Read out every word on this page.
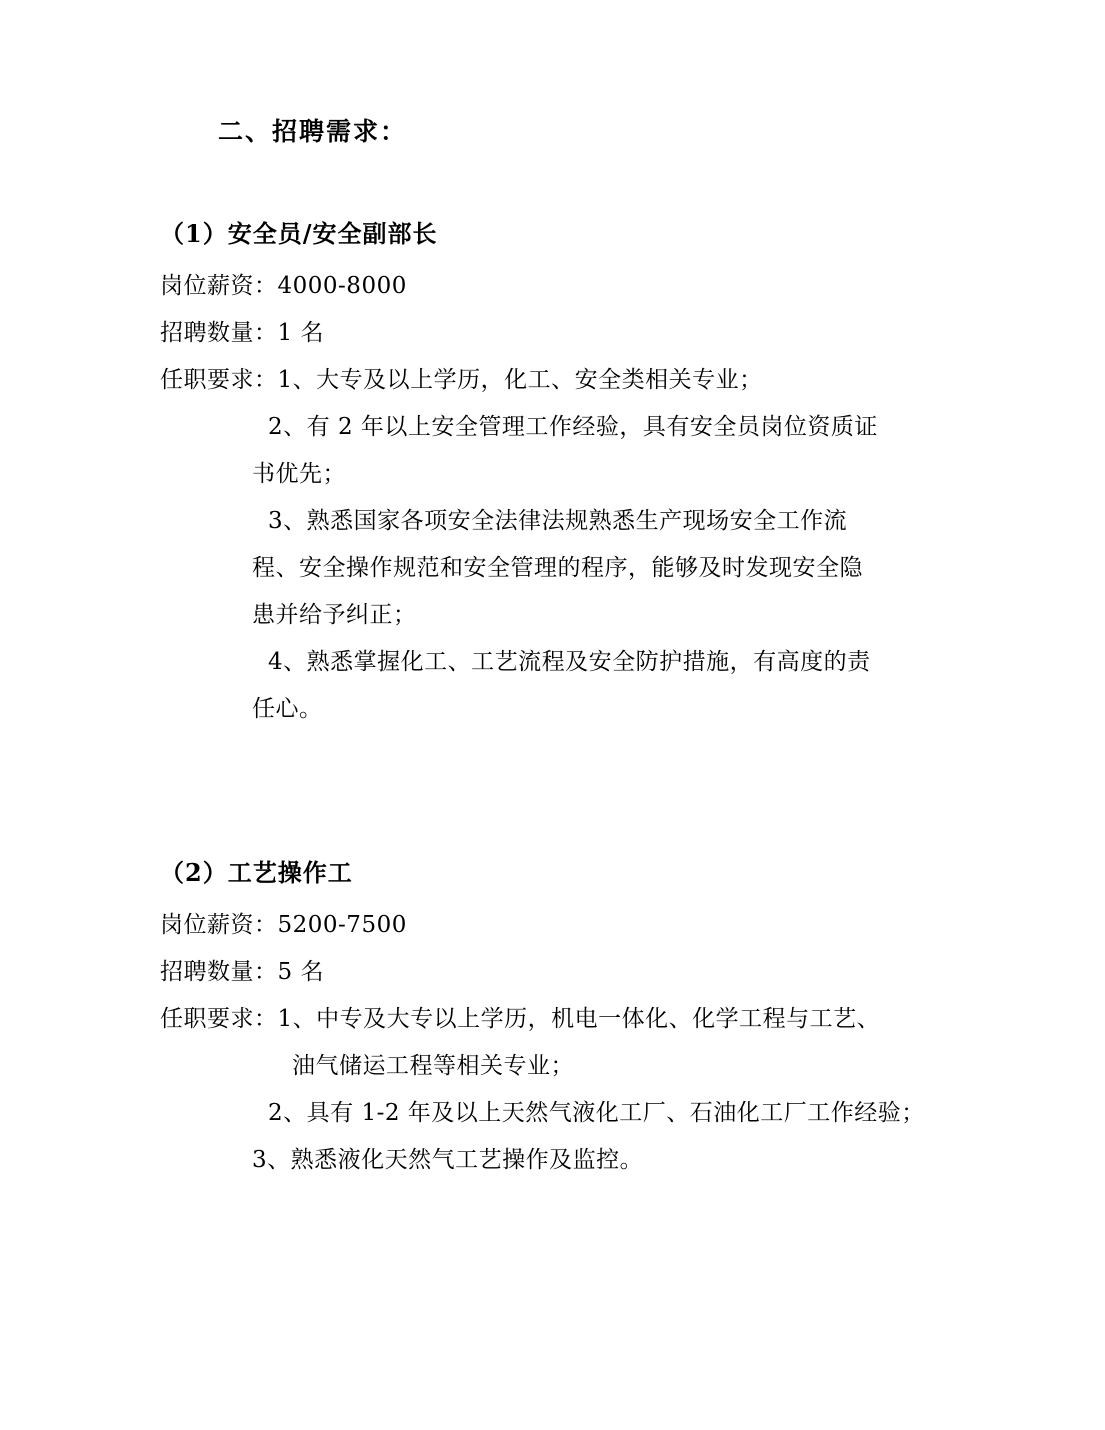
二、招聘需求：
（1）安全员/安全副部长
岗位薪资：4000-8000
招聘数量：1 名
任职要求：1、大专及以上学历，化工、安全类相关专业；
2、有 2 年以上安全管理工作经验，具有安全员岗位资质证
书优先；
3、熟悉国家各项安全法律法规熟悉生产现场安全工作流
程、安全操作规范和安全管理的程序，能够及时发现安全隐
患并给予纠正；
4、熟悉掌握化工、工艺流程及安全防护措施，有高度的责
任心。
（2）工艺操作工
岗位薪资：5200-7500
招聘数量：5 名
任职要求：1、中专及大专以上学历，机电一体化、化学工程与工艺、
油气储运工程等相关专业；
2、具有 1-2 年及以上天然气液化工厂、石油化工厂工作经验；
3、熟悉液化天然气工艺操作及监控。
